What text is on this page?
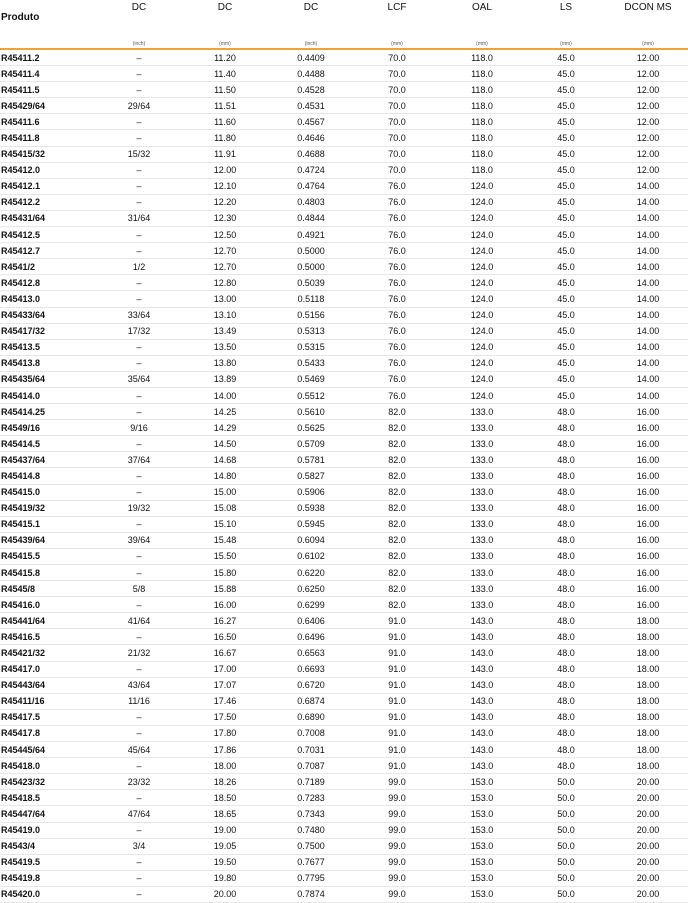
Produto	DC	DC	DC	LCF	OAL	LS	DCON MS
	(inch)	(mm)	(inch)	(mm)	(mm)	(mm)	(mm)
R45411.2	–	11.20	0.4409	70.0	118.0	45.0	12.00
R45411.4	–	11.40	0.4488	70.0	118.0	45.0	12.00
R45411.5	–	11.50	0.4528	70.0	118.0	45.0	12.00
R45429/64	29/64	11.51	0.4531	70.0	118.0	45.0	12.00
R45411.6	–	11.60	0.4567	70.0	118.0	45.0	12.00
R45411.8	–	11.80	0.4646	70.0	118.0	45.0	12.00
R45415/32	15/32	11.91	0.4688	70.0	118.0	45.0	12.00
R45412.0	–	12.00	0.4724	70.0	118.0	45.0	12.00
R45412.1	–	12.10	0.4764	76.0	124.0	45.0	14.00
R45412.2	–	12.20	0.4803	76.0	124.0	45.0	14.00
R45431/64	31/64	12.30	0.4844	76.0	124.0	45.0	14.00
R45412.5	–	12.50	0.4921	76.0	124.0	45.0	14.00
R45412.7	–	12.70	0.5000	76.0	124.0	45.0	14.00
R4541/2	1/2	12.70	0.5000	76.0	124.0	45.0	14.00
R45412.8	–	12.80	0.5039	76.0	124.0	45.0	14.00
R45413.0	–	13.00	0.5118	76.0	124.0	45.0	14.00
R45433/64	33/64	13.10	0.5156	76.0	124.0	45.0	14.00
R45417/32	17/32	13.49	0.5313	76.0	124.0	45.0	14.00
R45413.5	–	13.50	0.5315	76.0	124.0	45.0	14.00
R45413.8	–	13.80	0.5433	76.0	124.0	45.0	14.00
R45435/64	35/64	13.89	0.5469	76.0	124.0	45.0	14.00
R45414.0	–	14.00	0.5512	76.0	124.0	45.0	14.00
R45414.25	–	14.25	0.5610	82.0	133.0	48.0	16.00
R4549/16	9/16	14.29	0.5625	82.0	133.0	48.0	16.00
R45414.5	–	14.50	0.5709	82.0	133.0	48.0	16.00
R45437/64	37/64	14.68	0.5781	82.0	133.0	48.0	16.00
R45414.8	–	14.80	0.5827	82.0	133.0	48.0	16.00
R45415.0	–	15.00	0.5906	82.0	133.0	48.0	16.00
R45419/32	19/32	15.08	0.5938	82.0	133.0	48.0	16.00
R45415.1	–	15.10	0.5945	82.0	133.0	48.0	16.00
R45439/64	39/64	15.48	0.6094	82.0	133.0	48.0	16.00
R45415.5	–	15.50	0.6102	82.0	133.0	48.0	16.00
R45415.8	–	15.80	0.6220	82.0	133.0	48.0	16.00
R4545/8	5/8	15.88	0.6250	82.0	133.0	48.0	16.00
R45416.0	–	16.00	0.6299	82.0	133.0	48.0	16.00
R45441/64	41/64	16.27	0.6406	91.0	143.0	48.0	18.00
R45416.5	–	16.50	0.6496	91.0	143.0	48.0	18.00
R45421/32	21/32	16.67	0.6563	91.0	143.0	48.0	18.00
R45417.0	–	17.00	0.6693	91.0	143.0	48.0	18.00
R45443/64	43/64	17.07	0.6720	91.0	143.0	48.0	18.00
R45411/16	11/16	17.46	0.6874	91.0	143.0	48.0	18.00
R45417.5	–	17.50	0.6890	91.0	143.0	48.0	18.00
R45417.8	–	17.80	0.7008	91.0	143.0	48.0	18.00
R45445/64	45/64	17.86	0.7031	91.0	143.0	48.0	18.00
R45418.0	–	18.00	0.7087	91.0	143.0	48.0	18.00
R45423/32	23/32	18.26	0.7189	99.0	153.0	50.0	20.00
R45418.5	–	18.50	0.7283	99.0	153.0	50.0	20.00
R45447/64	47/64	18.65	0.7343	99.0	153.0	50.0	20.00
R45419.0	–	19.00	0.7480	99.0	153.0	50.0	20.00
R4543/4	3/4	19.05	0.7500	99.0	153.0	50.0	20.00
R45419.5	–	19.50	0.7677	99.0	153.0	50.0	20.00
R45419.8	–	19.80	0.7795	99.0	153.0	50.0	20.00
R45420.0	–	20.00	0.7874	99.0	153.0	50.0	20.00
